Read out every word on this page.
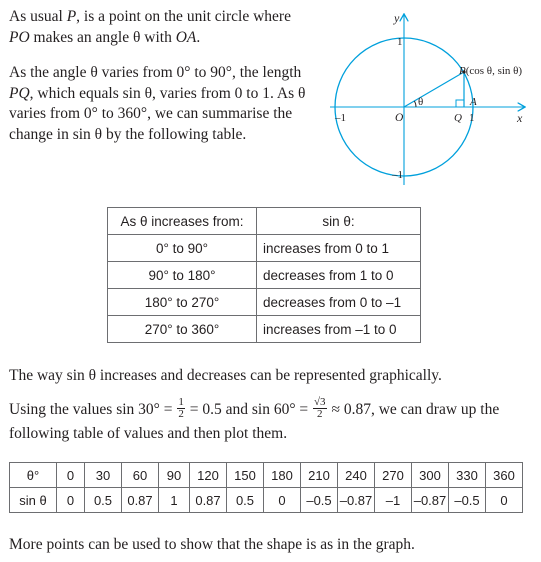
As usual P, is a point on the unit circle where PO makes an angle θ with OA.
As the angle θ varies from 0° to 90°, the length PQ, which equals sin θ, varies from 0 to 1. As θ varies from 0° to 360°, we can summarise the change in sin θ by the following table.
y
x
1
–1
–1	1
O
θ	A
Q
P(cos θ, sin θ)
As θ increases from:	sin θ:
0° to 90°	increases from 0 to 1
90° to 180°	decreases from 1 to 0
180° to 270°	decreases from 0 to –1
270° to 360°	increases from –1 to 0
The way sin θ increases and decreases can be represented graphically.
Using the values $\sin 30^\circ = \frac{1}{2} = 0.5$ and $\sin 60^\circ = \frac{√3}{2} \approx 0.87$, we can draw up the following table of values and then plot them.
θ°	0	30	60	90	120	150	180	210	240	270	300	330	360
sin θ	0	0.5	0.87	1	0.87	0.5	0	–0.5	–0.87	–1	–0.87	–0.5	0
More points can be used to show that the shape is as in the graph.
